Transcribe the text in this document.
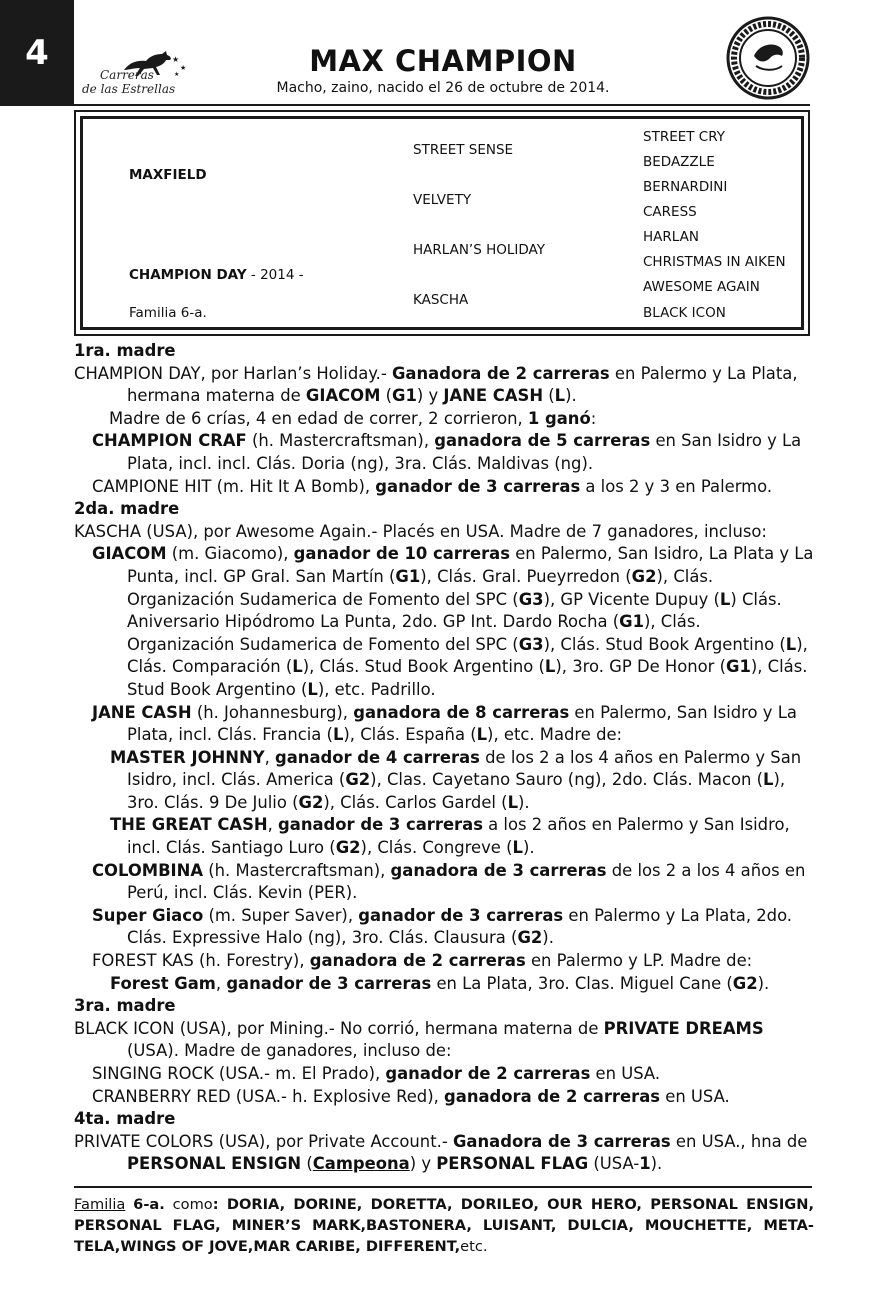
4	★
★
★
Carreras
de las Estrellas
MAX CHAMPION
Macho, zaino, nacido el 26 de octubre de 2014.
MAXFIELD
CHAMPION DAY - 2014 -
Familia 6-a.
STREET SENSE
VELVETY
HARLAN’S HOLIDAY
KASCHA
STREET CRY
BEDAZZLE
BERNARDINI
CARESS
HARLAN
CHRISTMAS IN AIKEN
AWESOME AGAIN
BLACK ICON

1ra. madre

CHAMPION DAY, por Harlan’s Holiday.- Ganadora de 2 carreras en Palermo y La Plata, hermana materna de GIACOM (G1) y JANE CASH (L).

Madre de 6 crías, 4 en edad de correr, 2 corrieron, 1 ganó:

CHAMPION CRAF (h. Mastercraftsman), ganadora de 5 carreras en San Isidro y La Plata, incl. incl. Clás. Doria (ng), 3ra. Clás. Maldivas (ng).

CAMPIONE HIT (m. Hit It A Bomb), ganador de 3 carreras a los 2 y 3 en Palermo.

2da. madre

KASCHA (USA), por Awesome Again.- Placés en USA. Madre de 7 ganadores, incluso:

GIACOM (m. Giacomo), ganador de 10 carreras en Palermo, San Isidro, La Plata y La Punta, incl. GP Gral. San Martín (G1), Clás. Gral. Pueyrredon (G2), Clás. Organización Sudamerica de Fomento del SPC (G3), GP Vicente Dupuy (L) Clás.  Aniversario Hipódromo La Punta, 2do. GP Int. Dardo Rocha (G1), Clás.  Organización Sudamerica de Fomento del SPC (G3), Clás. Stud Book Argentino (L), Clás. Comparación (L), Clás. Stud Book Argentino (L), 3ro. GP De Honor (G1), Clás. Stud Book Argentino (L), etc. Padrillo.

JANE CASH (h. Johannesburg), ganadora de 8 carreras en Palermo, San Isidro y La Plata, incl. Clás. Francia (L), Clás. España (L), etc. Madre de:

MASTER JOHNNY, ganador de 4 carreras de los 2 a los 4 años en Palermo y San Isidro, incl. Clás. America (G2), Clas. Cayetano Sauro (ng), 2do. Clás. Macon (L), 3ro. Clás. 9 De Julio (G2), Clás. Carlos Gardel (L).

THE GREAT CASH, ganador de 3 carreras a los 2 años en Palermo y San Isidro, incl. Clás. Santiago Luro (G2), Clás. Congreve (L).

COLOMBINA (h. Mastercraftsman), ganadora de 3 carreras de los 2 a los 4 años en Perú, incl. Clás. Kevin (PER).

Super Giaco (m. Super Saver), ganador de 3 carreras en Palermo y La Plata, 2do. Clás. Expressive Halo (ng), 3ro. Clás. Clausura (G2).

FOREST KAS (h. Forestry), ganadora de 2 carreras en Palermo y LP. Madre de:

Forest Gam, ganador de 3 carreras en La Plata, 3ro. Clas. Miguel Cane (G2).

3ra. madre

BLACK ICON (USA), por Mining.- No corrió, hermana materna de PRIVATE DREAMS (USA). Madre de ganadores, incluso de:

SINGING ROCK (USA.- m. El Prado), ganador de 2 carreras en USA.

CRANBERRY RED (USA.- h. Explosive Red), ganadora de 2 carreras en USA.

4ta. madre

PRIVATE COLORS (USA), por Private Account.- Ganadora de 3 carreras en USA., hna de PERSONAL ENSIGN (Campeona) y PERSONAL FLAG (USA-1).

Familia 6-a. como: DORIA, DORINE, DORETTA, DORILEO, OUR HERO, PERSONAL ENSIGN, PERSONAL FLAG, MINER’S MARK,BASTONERA, LUISANT, DULCIA, MOUCHETTE, META-TELA,WINGS OF JOVE,MAR CARIBE, DIFFERENT,etc.
